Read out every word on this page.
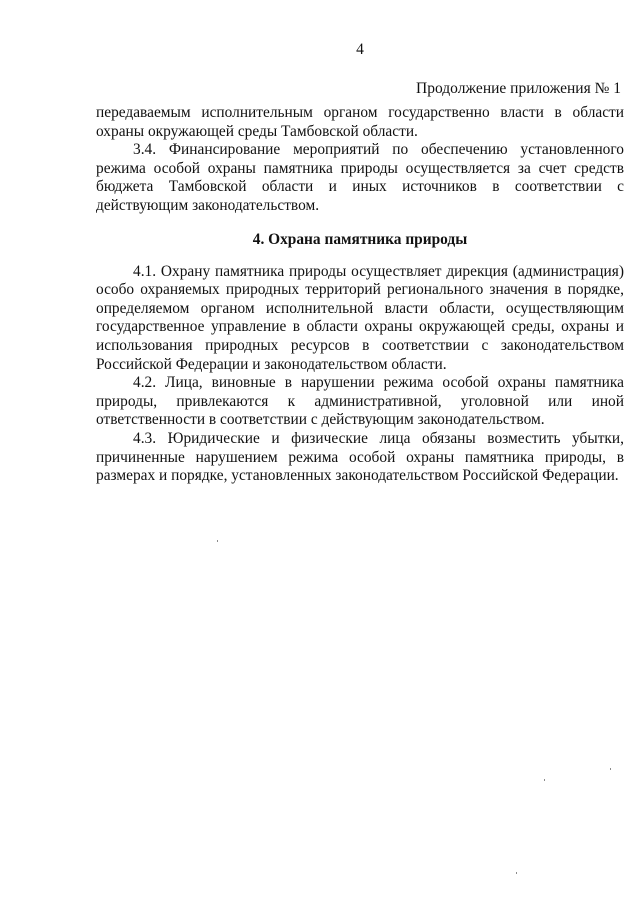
4
Продолжение приложения № 1

передаваемым исполнительным органом государственно власти в области охраны окружающей среды Тамбовской области.

3.4. Финансирование мероприятий по обеспечению установленного режима особой охраны памятника природы осуществляется за счет средств бюджета Тамбовской области и иных источников в соответствии с действующим законодательством.

4. Охрана памятника природы

4.1. Охрану памятника природы осуществляет дирекция (администрация) особо охраняемых природных территорий регионального значения в порядке, определяемом органом исполнительной власти области, осуществляющим государственное управление в области охраны окружающей среды, охраны и использования природных ресурсов в соответствии с законодательством Российской Федерации и законодательством области.

4.2. Лица, виновные в нарушении режима особой охраны памятника природы, привлекаются к административной, уголовной или иной ответственности в соответствии с действующим законодательством.

4.3. Юридические и физические лица обязаны возместить убытки, причиненные нарушением режима особой охраны памятника природы, в размерах и порядке, установленных законодательством Российской Федерации.
